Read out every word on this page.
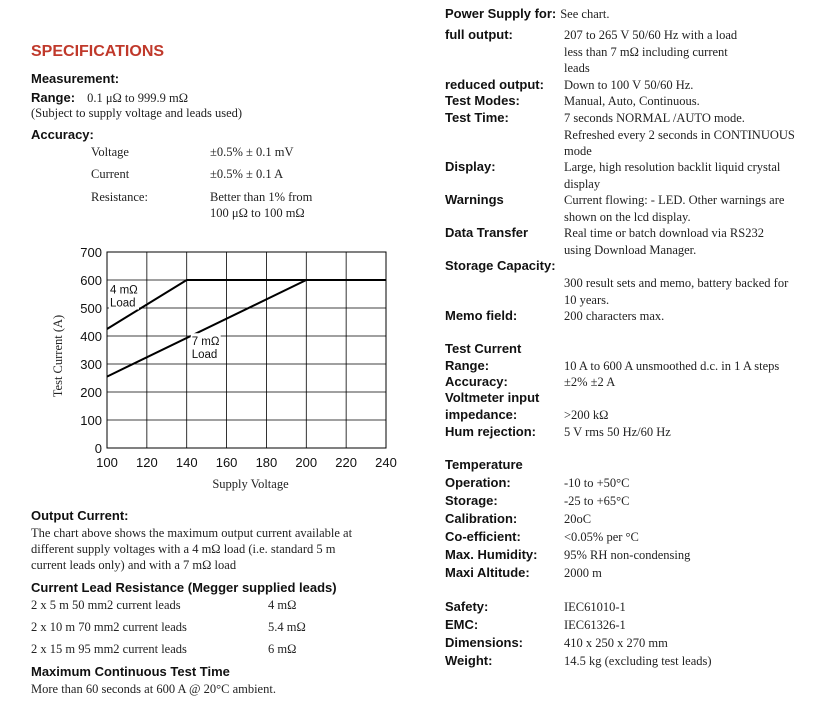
SPECIFICATIONS
Measurement:
Range: 0.1 μΩ to 999.9 mΩ
(Subject to supply voltage and leads used)
Accuracy:
Voltage	±0.5% ± 0.1 mV
Current	±0.5% ± 0.1 A
Resistance:	Better than 1% from
100 μΩ to 100 mΩ
100 120 140 160 180 200 220 240
0
100
200
300
400
500
600
700
4 mΩ Load
7 mΩ Load
Supply Voltage
Test Current (A)
Output Current:
The chart above shows the maximum output current available at
different supply voltages with a 4 mΩ load (i.e. standard 5 m
current leads only) and with a 7 mΩ load
Current Lead Resistance (Megger supplied leads)
2 x 5 m 50 mm2 current leads	4 mΩ
2 x 10 m 70 mm2 current leads	5.4 mΩ
2 x 15 m 95 mm2 current leads	6 mΩ
Maximum Continuous Test Time
More than 60 seconds at 600 A @ 20°C ambient.
Power Supply for: See chart.
full output:	207 to 265 V 50/60 Hz with a load
less than 7 mΩ including current
leads
reduced output: Down to 100 V 50/60 Hz.
Test Modes:	Manual, Auto, Continuous.
Test Time:	7 seconds NORMAL /AUTO mode.
Refreshed every 2 seconds in CONTINUOUS
mode
Display:	Large, high resolution backlit liquid crystal
display
Warnings	Current flowing: - LED. Other warnings are
shown on the lcd display.
Data Transfer	Real time or batch download via RS232
using Download Manager.
Storage Capacity:
300 result sets and memo, battery backed for
10 years.
Memo field:	200 characters max.
Test Current
Range:	10 A to 600 A unsmoothed d.c. in 1 A steps
Accuracy:	±2% ±2 A
Voltmeter input
impedance:	>200 kΩ
Hum rejection: 5 V rms 50 Hz/60 Hz
Temperature
Operation:	-10 to +50°C
Storage:	-25 to +65°C
Calibration:	20oC
Co-efficient:	<0.05% per °C
Max. Humidity: 95% RH non-condensing
Maxi Altitude:	2000 m
Safety:	IEC61010-1
EMC:	IEC61326-1
Dimensions:	410 x 250 x 270 mm
Weight:	14.5 kg (excluding test leads)
